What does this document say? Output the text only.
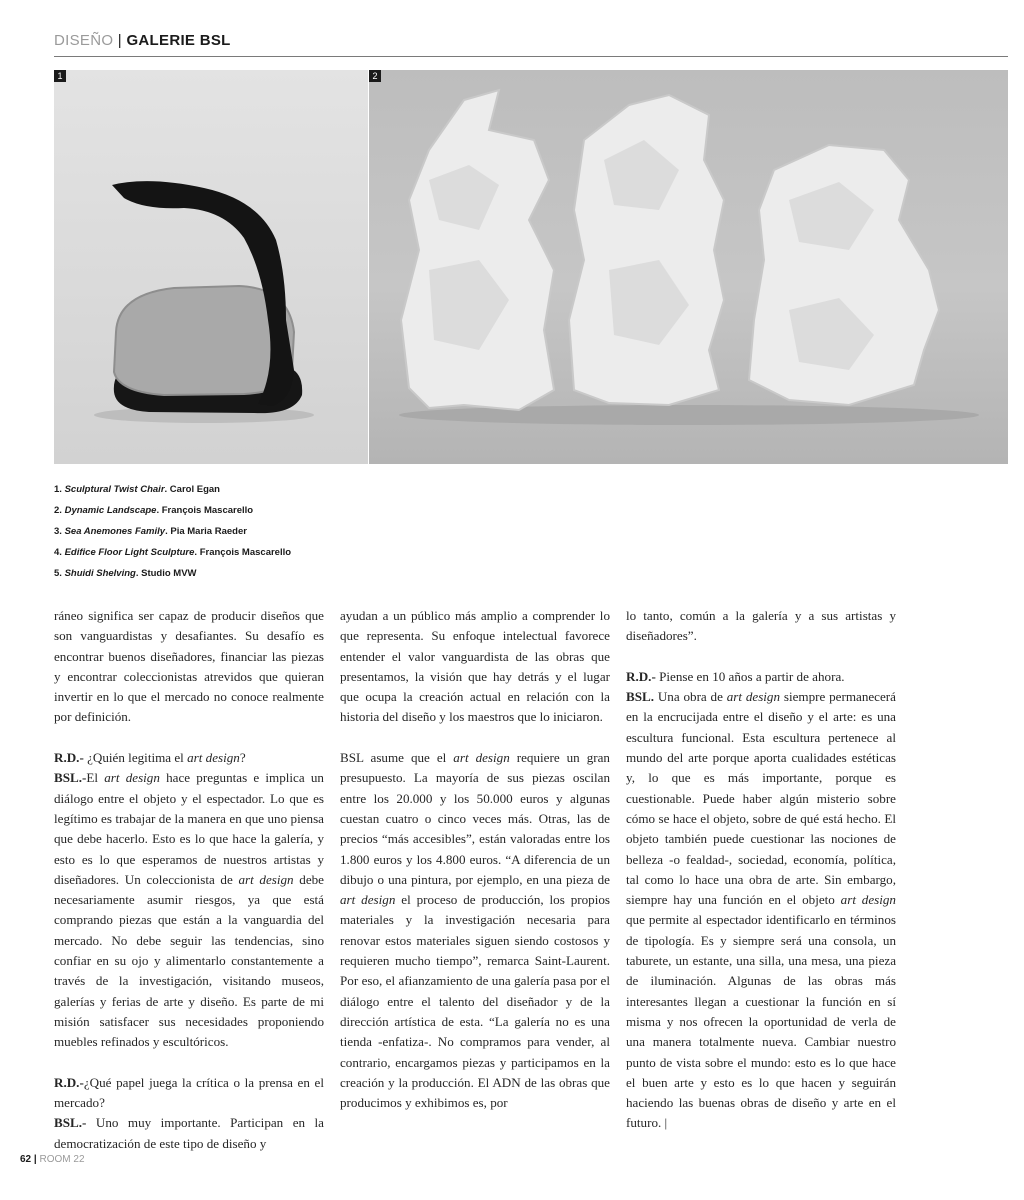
DISEÑO | GALERIE BSL
1	2
1. Sculptural Twist Chair. Carol Egan
2. Dynamic Landscape. François Mascarello
3. Sea Anemones Family. Pia Maria Raeder
4. Edifice Floor Light Sculpture. François Mascarello
5. Shuidi Shelving. Studio MVW

ráneo significa ser capaz de producir diseños que son vanguardistas y desafiantes. Su desafío es encontrar buenos diseñadores, financiar las piezas y encontrar coleccionistas atrevidos que quieran invertir en lo que el mercado no conoce realmente por definición.

R.D.- ¿Quién legitima el art design?
BSL.-El art design hace preguntas e implica un diálogo entre el objeto y el espectador. Lo que es legítimo es trabajar de la manera en que uno piensa que debe hacerlo. Esto es lo que hace la galería, y esto es lo que esperamos de nuestros artistas y diseñadores. Un coleccionista de art design debe necesariamente asumir riesgos, ya que está comprando piezas que están a la vanguardia del mercado. No debe seguir las tendencias, sino confiar en su ojo y alimentarlo constantemente a través de la investigación, visitando museos, galerías y ferias de arte y diseño. Es parte de mi misión satisfacer sus necesidades proponiendo muebles refinados y escultóricos.

R.D.-¿Qué papel juega la crítica o la prensa en el mercado?
BSL.- Uno muy importante. Participan en la democratización de este tipo de diseño y

ayudan a un público más amplio a comprender lo que representa. Su enfoque intelectual favorece entender el valor vanguardista de las obras que presentamos, la visión que hay detrás y el lugar que ocupa la creación actual en relación con la historia del diseño y los maestros que lo iniciaron.

BSL asume que el art design requiere un gran presupuesto. La mayoría de sus piezas oscilan entre los 20.000 y los 50.000 euros y algunas cuestan cuatro o cinco veces más. Otras, las de precios “más accesibles”, están valoradas entre los 1.800 euros y los 4.800 euros. “A diferencia de un dibujo o una pintura, por ejemplo, en una pieza de art design el proceso de producción, los propios materiales y la investigación necesaria para renovar estos materiales siguen siendo costosos y requieren mucho tiempo”, remarca Saint-Laurent. Por eso, el afianzamiento de una galería pasa por el diálogo entre el talento del diseñador y de la dirección artística de esta. “La galería no es una tienda -enfatiza-. No compramos para vender, al contrario, encargamos piezas y participamos en la creación y la producción. El ADN de las obras que producimos y exhibimos es, por

lo tanto, común a la galería y a sus artistas y diseñadores”.

R.D.- Piense en 10 años a partir de ahora.
BSL. Una obra de art design siempre permanecerá en la encrucijada entre el diseño y el arte: es una escultura funcional. Esta escultura pertenece al mundo del arte porque aporta cualidades estéticas y, lo que es más importante, porque es cuestionable. Puede haber algún misterio sobre cómo se hace el objeto, sobre de qué está hecho. El objeto también puede cuestionar las nociones de belleza -o fealdad-, sociedad, economía, política, tal como lo hace una obra de arte. Sin embargo, siempre hay una función en el objeto art design que permite al espectador identificarlo en términos de tipología. Es y siempre será una consola, un taburete, un estante, una silla, una mesa, una pieza de iluminación. Algunas de las obras más interesantes llegan a cuestionar la función en sí misma y nos ofrecen la oportunidad de verla de una manera totalmente nueva. Cambiar nuestro punto de vista sobre el mundo: esto es lo que hace el buen arte y esto es lo que hacen y seguirán haciendo las buenas obras de diseño y arte en el futuro. |

62 | ROOM 22
